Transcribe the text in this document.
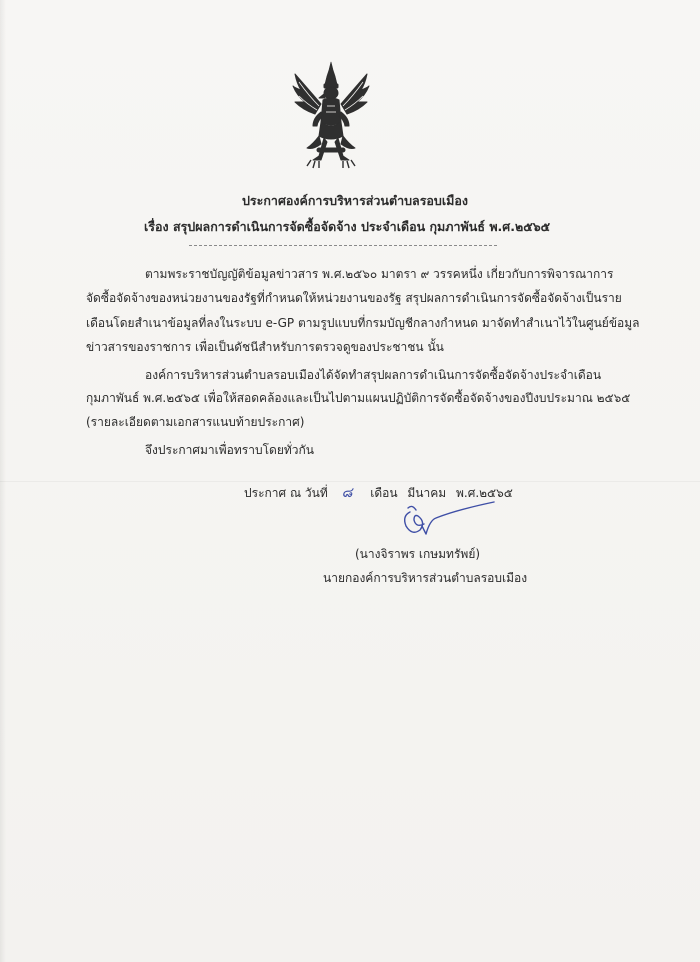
ประกาศองค์การบริหารส่วนตำบลรอบเมือง

เรื่อง สรุปผลการดำเนินการจัดซื้อจัดจ้าง ประจำเดือน กุมภาพันธ์ พ.ศ.๒๕๖๕

ตามพระราชบัญญัติข้อมูลข่าวสาร พ.ศ.๒๕๖๐ มาตรา ๙ วรรคหนึ่ง เกี่ยวกับการพิจารณาการ

จัดซื้อจัดจ้างของหน่วยงานของรัฐที่กำหนดให้หน่วยงานของรัฐ สรุปผลการดำเนินการจัดซื้อจัดจ้างเป็นราย

เดือนโดยสำเนาข้อมูลที่ลงในระบบ e-GP ตามรูปแบบที่กรมบัญชีกลางกำหนด มาจัดทำสำเนาไว้ในศูนย์ข้อมูล

ข่าวสารของราชการ เพื่อเป็นดัชนีสำหรับการตรวจดูของประชาชน นั้น

องค์การบริหารส่วนตำบลรอบเมืองได้จัดทำสรุปผลการดำเนินการจัดซื้อจัดจ้างประจำเดือน

กุมภาพันธ์ พ.ศ.๒๕๖๕ เพื่อให้สอดคล้องและเป็นไปตามแผนปฏิบัติการจัดซื้อจัดจ้างของปีงบประมาณ ๒๕๖๕

(รายละเอียดตามเอกสารแนบท้ายประกาศ)

จึงประกาศมาเพื่อทราบโดยทั่วกัน

ประกาศ ณ วันที่ ๘ เดือน มีนาคม พ.ศ.๒๕๖๕

(นางจิราพร เกษมทรัพย์)

นายกองค์การบริหารส่วนตำบลรอบเมือง
